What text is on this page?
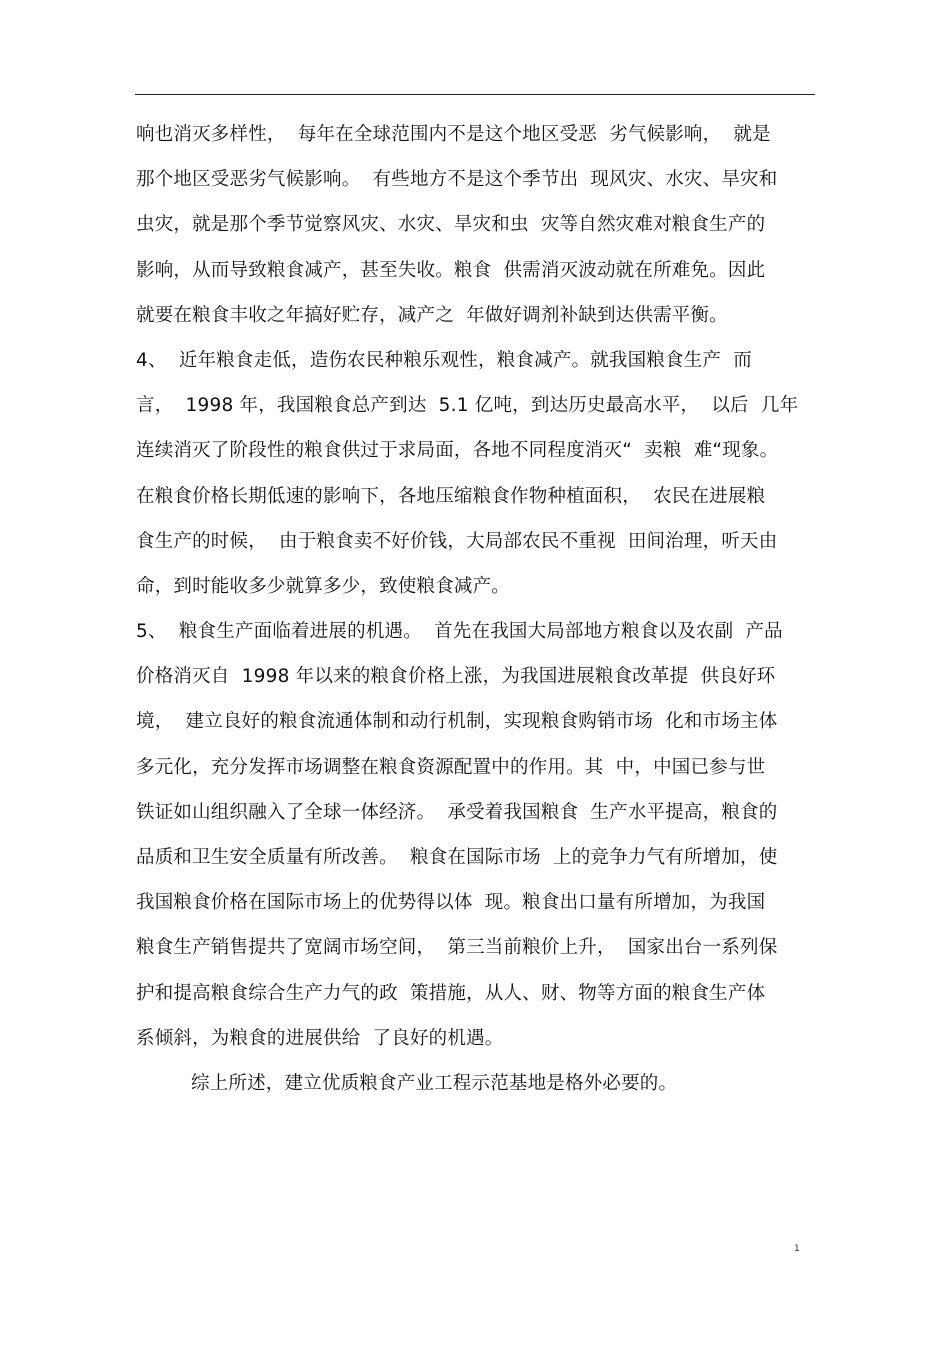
响也消灭多样性，  每年在全球范围内不是这个地区受恶  劣气候影响，  就是
那个地区受恶劣气候影响。  有些地方不是这个季节出  现风灾、水灾、旱灾和
虫灾，就是那个季节觉察风灾、水灾、旱灾和虫  灾等自然灾难对粮食生产的
影响，从而导致粮食减产，甚至失收。粮食  供需消灭波动就在所难免。因此
就要在粮食丰收之年搞好贮存，减产之  年做好调剂补缺到达供需平衡。
4、  近年粮食走低，造伤农民种粮乐观性，粮食减产。就我国粮食生产  而
言，  1998 年，我国粮食总产到达  5.1 亿吨，到达历史最高水平，  以后  几年
连续消灭了阶段性的粮食供过于求局面，各地不同程度消灭“  卖粮  难“现象。
在粮食价格长期低速的影响下，各地压缩粮食作物种植面积，  农民在进展粮
食生产的时候，  由于粮食卖不好价钱，大局部农民不重视  田间治理，听天由
命，到时能收多少就算多少，致使粮食减产。
5、  粮食生产面临着进展的机遇。  首先在我国大局部地方粮食以及农副  产品
价格消灭自  1998 年以来的粮食价格上涨，为我国进展粮食改革提  供良好环
境，  建立良好的粮食流通体制和动行机制，实现粮食购销市场  化和市场主体
多元化，充分发挥市场调整在粮食资源配置中的作用。其  中，中国已参与世
铁证如山组织融入了全球一体经济。  承受着我国粮食  生产水平提高，粮食的
品质和卫生安全质量有所改善。  粮食在国际市场  上的竞争力气有所增加，使
我国粮食价格在国际市场上的优势得以体  现。粮食出口量有所增加，为我国
粮食生产销售提共了宽阔市场空间，  第三当前粮价上升，  国家出台一系列保
护和提高粮食综合生产力气的政  策措施，从人、财、物等方面的粮食生产体
系倾斜，为粮食的进展供给  了良好的机遇。
综上所述，建立优质粮食产业工程示范基地是格外必要的。
1
